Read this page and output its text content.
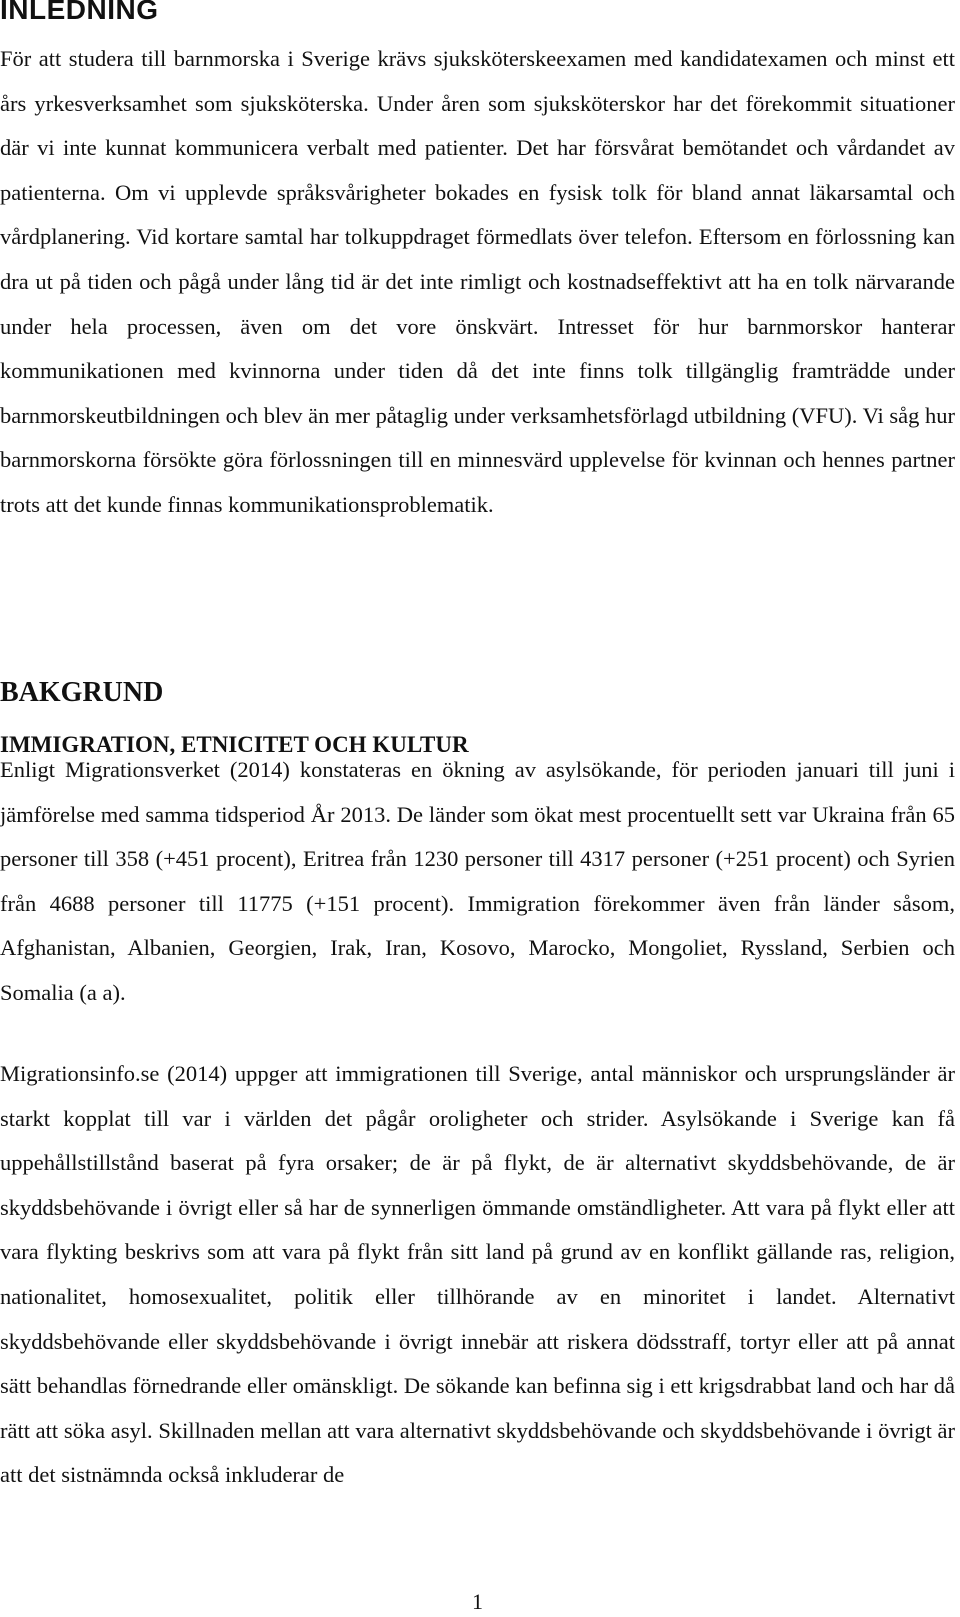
INLEDNING

För att studera till barnmorska i Sverige krävs sjuksköterskeexamen med kandidatexamen och minst ett års yrkesverksamhet som sjuksköterska. Under åren som sjuksköterskor har det förekommit situationer där vi inte kunnat kommunicera verbalt med patienter. Det har försvårat bemötandet och vårdandet av patienterna. Om vi upplevde språksvårigheter bokades en fysisk tolk för bland annat läkarsamtal och vårdplanering. Vid kortare samtal har tolkuppdraget förmedlats över telefon. Eftersom en förlossning kan dra ut på tiden och pågå under lång tid är det inte rimligt och kostnadseffektivt att ha en tolk närvarande under hela processen, även om det vore önskvärt. Intresset för hur barnmorskor hanterar kommunikationen med kvinnorna under tiden då det inte finns tolk tillgänglig framträdde under barnmorskeutbildningen och blev än mer påtaglig under verksamhetsförlagd utbildning (VFU). Vi såg hur barnmorskorna försökte göra förlossningen till en minnesvärd upplevelse för kvinnan och hennes partner trots att det kunde finnas kommunikationsproblematik.

BAKGRUND
IMMIGRATION, ETNICITET OCH KULTUR

Enligt Migrationsverket (2014) konstateras en ökning av asylsökande, för perioden januari till juni i jämförelse med samma tidsperiod År 2013. De länder som ökat mest procentuellt sett var Ukraina från 65 personer till 358 (+451 procent), Eritrea från 1230 personer till 4317 personer (+251 procent) och Syrien från 4688 personer till 11775 (+151 procent). Immigration förekommer även från länder såsom, Afghanistan, Albanien, Georgien, Irak, Iran, Kosovo, Marocko, Mongoliet, Ryssland, Serbien och Somalia (a a).

Migrationsinfo.se (2014) uppger att immigrationen till Sverige, antal människor och ursprungsländer är starkt kopplat till var i världen det pågår oroligheter och strider. Asylsökande i Sverige kan få uppehållstillstånd baserat på fyra orsaker; de är på flykt, de är alternativt skyddsbehövande, de är skyddsbehövande i övrigt eller så har de synnerligen ömmande omständligheter. Att vara på flykt eller att vara flykting beskrivs som att vara på flykt från sitt land på grund av en konflikt gällande ras, religion, nationalitet, homosexualitet, politik eller tillhörande av en minoritet i landet. Alternativt skyddsbehövande eller skyddsbehövande i övrigt innebär att riskera dödsstraff, tortyr eller att på annat sätt behandlas förnedrande eller omänskligt. De sökande kan befinna sig i ett krigsdrabbat land och har då rätt att söka asyl. Skillnaden mellan att vara alternativt skyddsbehövande och skyddsbehövande i övrigt är att det sistnämnda också inkluderar de

1
